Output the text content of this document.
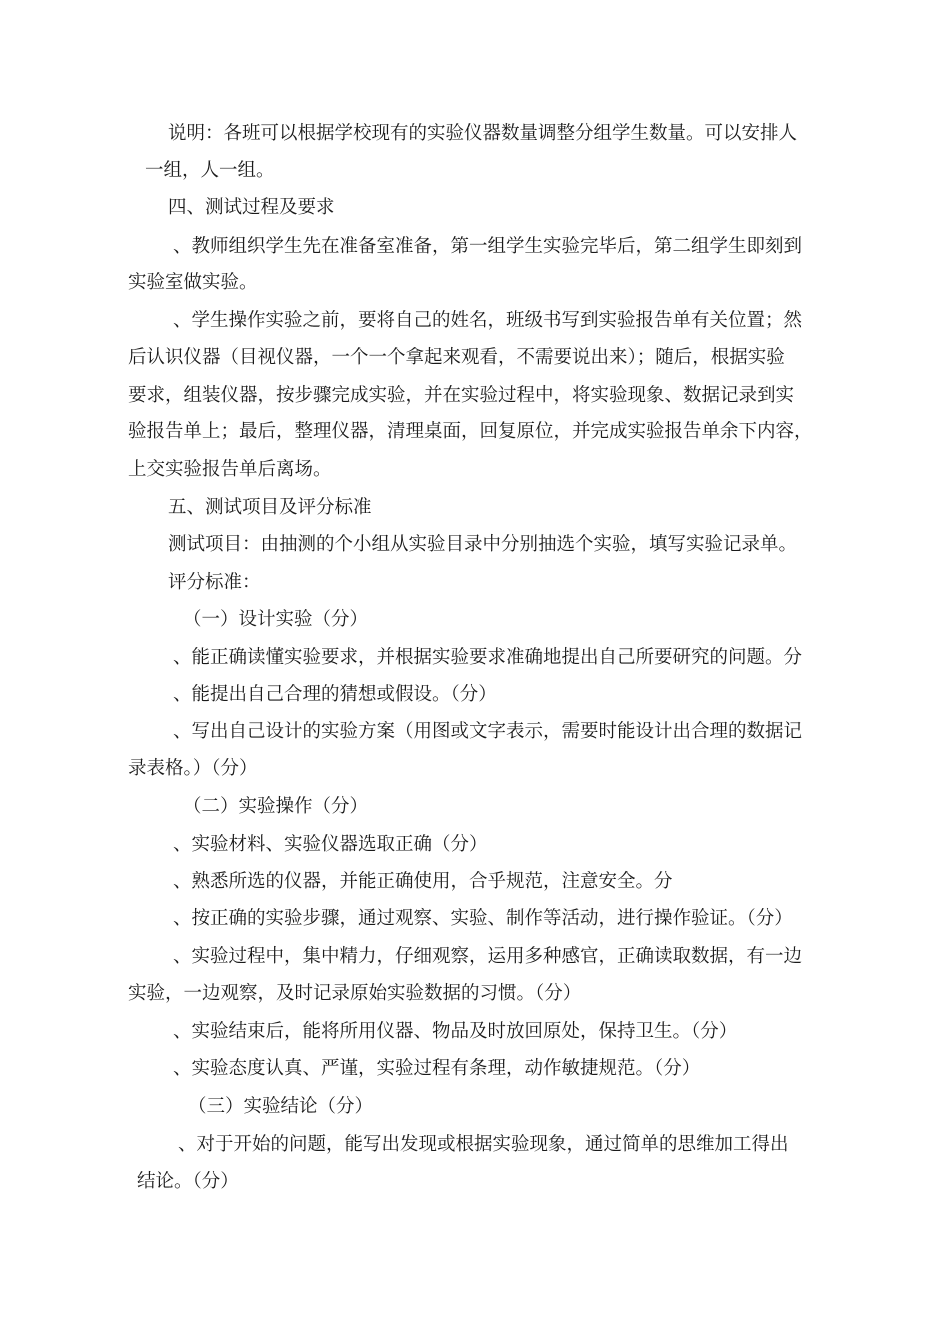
说明：各班可以根据学校现有的实验仪器数量调整分组学生数量。可以安排人

一组，人一组。

四、测试过程及要求

、教师组织学生先在准备室准备，第一组学生实验完毕后，第二组学生即刻到

实验室做实验。

、学生操作实验之前，要将自己的姓名，班级书写到实验报告单有关位置；然

后认识仪器（目视仪器，一个一个拿起来观看，不需要说出来）；随后，根据实验

要求，组装仪器，按步骤完成实验，并在实验过程中，将实验现象、数据记录到实

验报告单上；最后，整理仪器，清理桌面，回复原位，并完成实验报告单余下内容，

上交实验报告单后离场。

五、测试项目及评分标准

测试项目：由抽测的个小组从实验目录中分别抽选个实验，填写实验记录单。

评分标准：

（一）设计实验（分）

、能正确读懂实验要求，并根据实验要求准确地提出自己所要研究的问题。分

、能提出自己合理的猜想或假设。（分）

、写出自己设计的实验方案（用图或文字表示，需要时能设计出合理的数据记

录表格。）（分）

（二）实验操作（分）

、实验材料、实验仪器选取正确（分）

、熟悉所选的仪器，并能正确使用，合乎规范，注意安全。分

、按正确的实验步骤，通过观察、实验、制作等活动，进行操作验证。（分）

、实验过程中，集中精力，仔细观察，运用多种感官，正确读取数据，有一边

实验，一边观察，及时记录原始实验数据的习惯。（分）

、实验结束后，能将所用仪器、物品及时放回原处，保持卫生。（分）

、实验态度认真、严谨，实验过程有条理，动作敏捷规范。（分）

（三）实验结论（分）

、对于开始的问题，能写出发现或根据实验现象，通过简单的思维加工得出

结论。（分）
